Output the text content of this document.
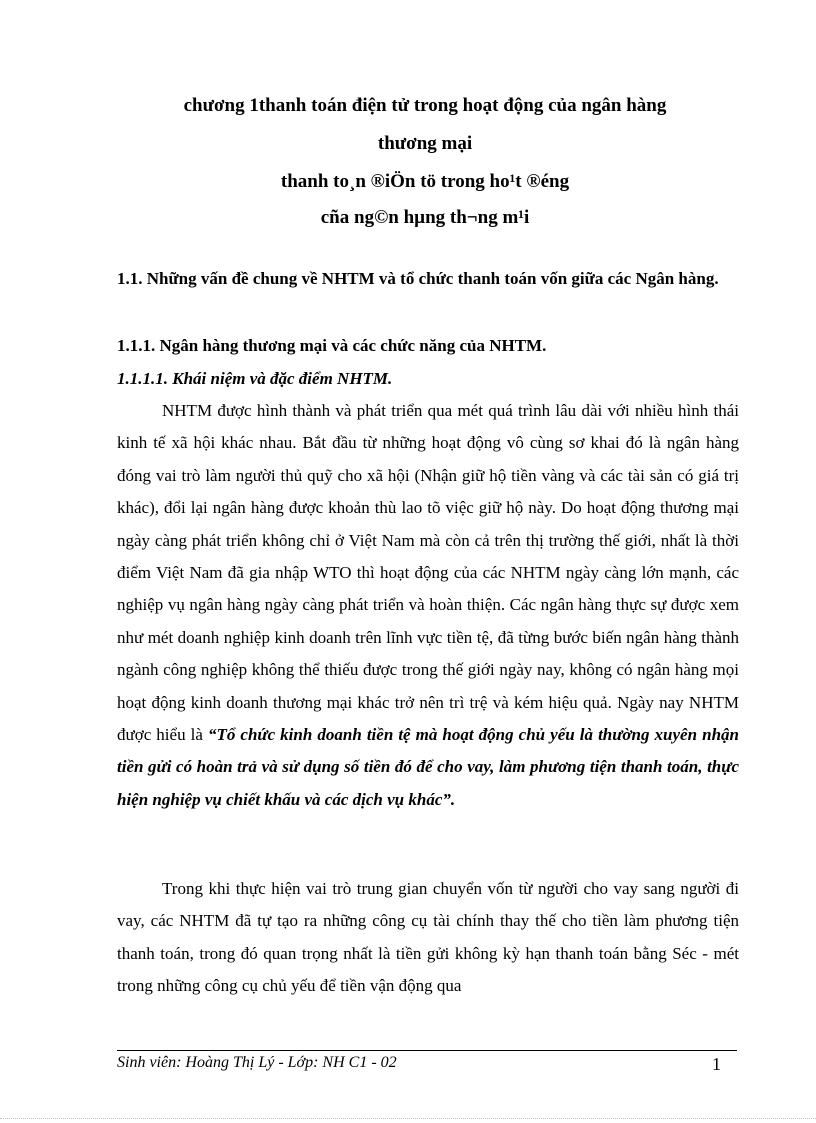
chương 1thanh toán điện tử trong hoạt động của ngân hàng
thương mại
thanh to¸n ®iÖn tö trong ho¹t ®éng
cña ng©n hµng th¬ng m¹i
1.1. Những vấn đề chung về NHTM và tổ chức thanh toán vốn giữa các Ngân hàng.
1.1.1. Ngân hàng thương mại và các chức năng của NHTM.
1.1.1.1. Khái niệm và đặc điểm NHTM.

NHTM được hình thành và phát triển qua mét quá trình lâu dài với nhiều hình thái kinh tế xã hội khác nhau. Bắt đầu từ những hoạt động vô cùng sơ khai đó là ngân hàng đóng vai trò làm người thủ quỹ cho xã hội (Nhận giữ hộ tiền vàng và các tài sản có giá trị khác), đổi lại ngân hàng được khoản thù lao tõ việc giữ hộ này. Do hoạt động thương mại ngày càng phát triển không chỉ ở Việt Nam mà còn cả trên thị trường thế giới, nhất là thời điểm Việt Nam đã gia nhập WTO thì hoạt động của các NHTM ngày càng lớn mạnh, các nghiệp vụ ngân hàng ngày càng phát triển và hoàn thiện. Các ngân hàng thực sự được xem như mét doanh nghiệp kinh doanh trên lĩnh vực tiền tệ, đã từng bước biến ngân hàng thành ngành công nghiệp không thể thiếu được trong thế giới ngày nay, không có ngân hàng mọi hoạt động kinh doanh thương mại khác trở nên trì trệ và kém hiệu quả. Ngày nay NHTM được hiểu là “Tổ chức kinh doanh tiền tệ mà hoạt động chủ yếu là thường xuyên nhận tiền gửi có hoàn trả và sử dụng số tiền đó để cho vay, làm phương tiện thanh toán, thực hiện nghiệp vụ chiết khấu và các dịch vụ khác”.

Trong khi thực hiện vai trò trung gian chuyển vốn từ người cho vay sang người đi vay, các NHTM đã tự tạo ra những công cụ tài chính thay thế cho tiền làm phương tiện thanh toán, trong đó quan trọng nhất là tiền gửi không kỳ hạn thanh toán bằng Séc - mét trong những công cụ chủ yếu để tiền vận động qua

Sinh viên: Hoàng Thị Lý - Lớp: NH C1 - 02	1
